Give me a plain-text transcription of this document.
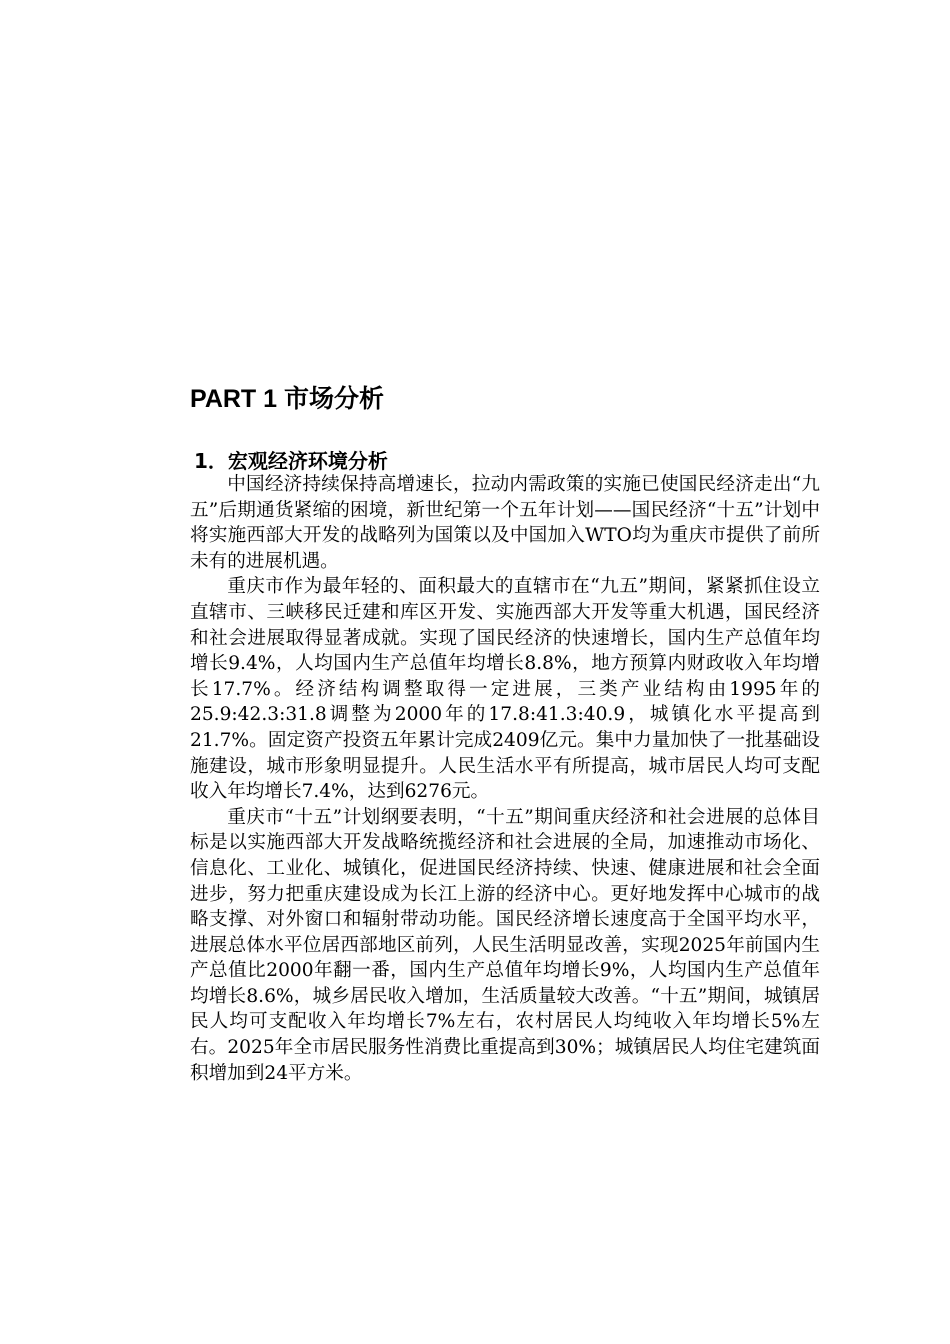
PART 1 市场分析
1．宏观经济环境分析

中国经济持续保持高增速长，拉动内需政策的实施已使国民经济走出“九五”后期通货紧缩的困境，新世纪第一个五年计划——国民经济“十五”计划中将实施西部大开发的战略列为国策以及中国加入WTO均为重庆市提供了前所未有的进展机遇。

重庆市作为最年轻的、面积最大的直辖市在“九五”期间，紧紧抓住设立直辖市、三峡移民迁建和库区开发、实施西部大开发等重大机遇，国民经济和社会进展取得显著成就。实现了国民经济的快速增长，国内生产总值年均增长9.4%，人均国内生产总值年均增长8.8%，地方预算内财政收入年均增长17.7%。经济结构调整取得一定进展，三类产业结构由1995年的25.9:42.3:31.8调整为2000年的17.8:41.3:40.9，城镇化水平提高到21.7%。固定资产投资五年累计完成2409亿元。集中力量加快了一批基础设施建设，城市形象明显提升。人民生活水平有所提高，城市居民人均可支配收入年均增长7.4%，达到6276元。

重庆市“十五”计划纲要表明，“十五”期间重庆经济和社会进展的总体目标是以实施西部大开发战略统揽经济和社会进展的全局，加速推动市场化、信息化、工业化、城镇化，促进国民经济持续、快速、健康进展和社会全面进步，努力把重庆建设成为长江上游的经济中心。更好地发挥中心城市的战略支撑、对外窗口和辐射带动功能。国民经济增长速度高于全国平均水平，进展总体水平位居西部地区前列，人民生活明显改善，实现2025年前国内生产总值比2000年翻一番，国内生产总值年均增长9%，人均国内生产总值年均增长8.6%，城乡居民收入增加，生活质量较大改善。“十五”期间，城镇居民人均可支配收入年均增长7%左右，农村居民人均纯收入年均增长5%左右。2025年全市居民服务性消费比重提高到30%；城镇居民人均住宅建筑面积增加到24平方米。
